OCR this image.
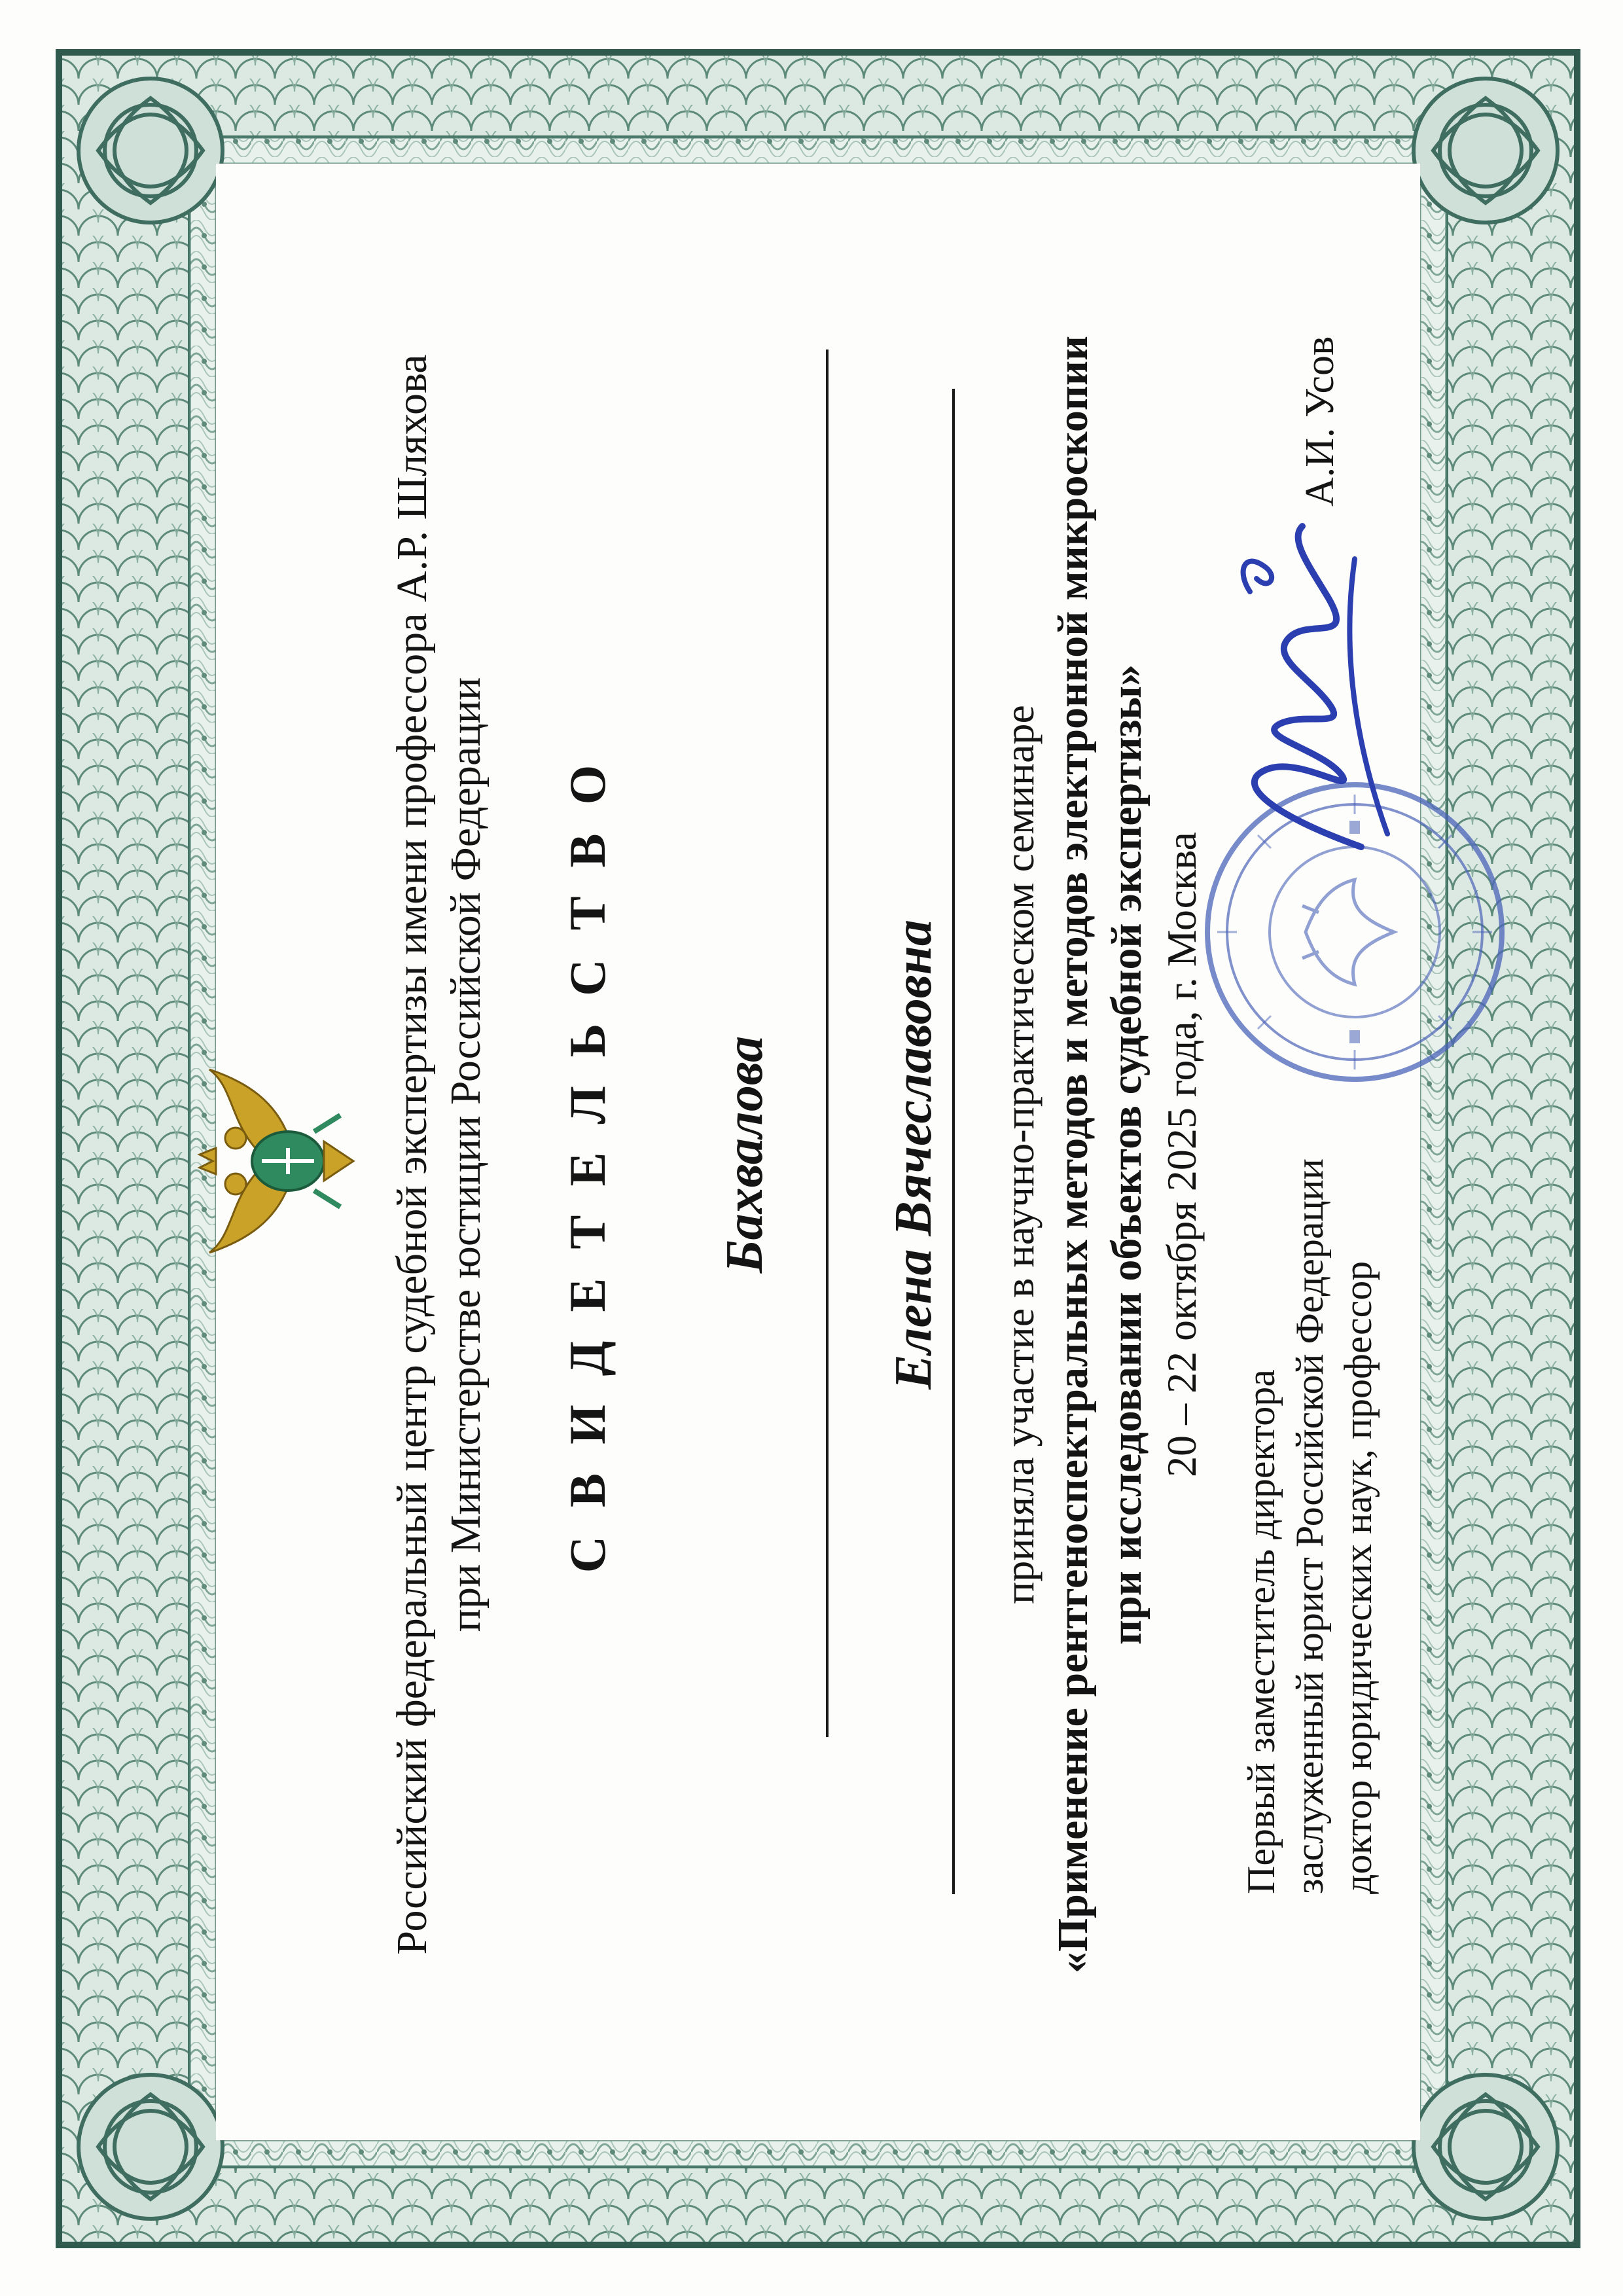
Российский федеральный центр судебной экспертизы имени профессора А.Р. Шляхова при Министерстве юстиции Российской Федерации СВИДЕТЕЛЬСТВО Бахвалова Елена Вячеславовна приняла участие в научно-практическом семинаре «Применение рентгеноспектральных методов и методов электронной микроскопии при исследовании объектов судебной экспертизы» 20 – 22 октября 2025 года, г. Москва
Первый заместитель директора заслуженный юрист Российской Федерации доктор юридических наук, профессор
А.И. Усов
